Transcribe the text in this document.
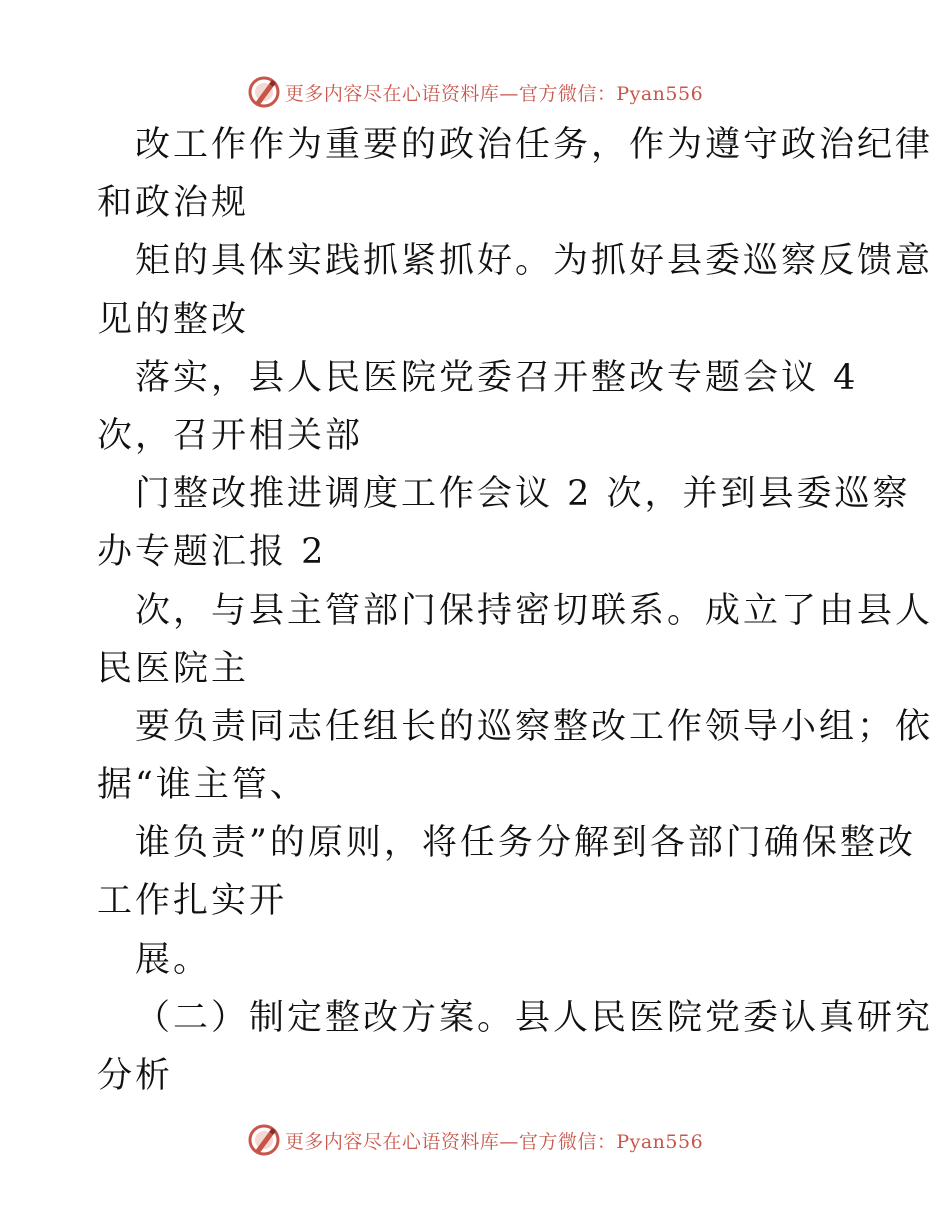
更多内容尽在心语资料库—官方微信：Pyan556
改工作作为重要的政治任务，作为遵守政治纪律
和政治规
矩的具体实践抓紧抓好。为抓好县委巡察反馈意
见的整改
落实，县人民医院党委召开整改专题会议 4
次，召开相关部
门整改推进调度工作会议 2 次，并到县委巡察
办专题汇报 2
次，与县主管部门保持密切联系。成立了由县人
民医院主
要负责同志任组长的巡察整改工作领导小组；依
据“谁主管、
谁负责”的原则，将任务分解到各部门确保整改
工作扎实开
展。
（二）制定整改方案。县人民医院党委认真研究
分析
更多内容尽在心语资料库—官方微信：Pyan556
